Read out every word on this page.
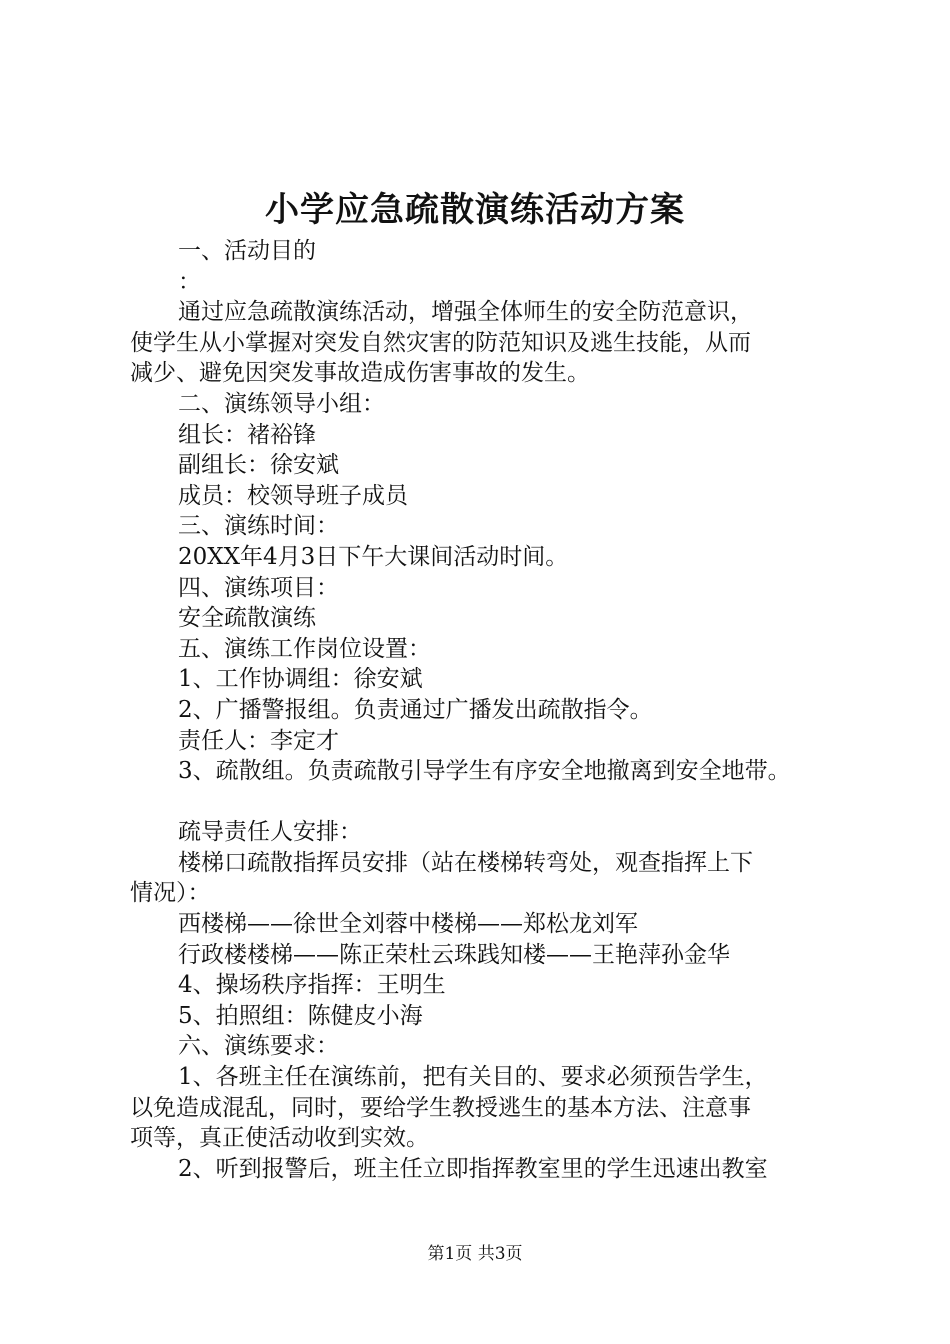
小学应急疏散演练活动方案
一、活动目的
：
通过应急疏散演练活动，增强全体师生的安全防范意识，
使学生从小掌握对突发自然灾害的防范知识及逃生技能，从而
减少、避免因突发事故造成伤害事故的发生。
二、演练领导小组：
组长：褚裕锋
副组长：徐安斌
成员：校领导班子成员
三、演练时间：
20XX年4月3日下午大课间活动时间。
四、演练项目：
安全疏散演练
五、演练工作岗位设置：
1、工作协调组：徐安斌
2、广播警报组。负责通过广播发出疏散指令。
责任人：李定才
3、疏散组。负责疏散引导学生有序安全地撤离到安全地带。
疏导责任人安排：
楼梯口疏散指挥员安排（站在楼梯转弯处，观查指挥上下
情况）：
西楼梯——徐世全刘蓉中楼梯——郑松龙刘军
行政楼楼梯——陈正荣杜云珠践知楼——王艳萍孙金华
4、操场秩序指挥：王明生
5、拍照组：陈健皮小海
六、演练要求：
1、各班主任在演练前，把有关目的、要求必须预告学生，
以免造成混乱，同时，要给学生教授逃生的基本方法、注意事
项等，真正使活动收到实效。
2、听到报警后，班主任立即指挥教室里的学生迅速出教室
第1页 共3页
